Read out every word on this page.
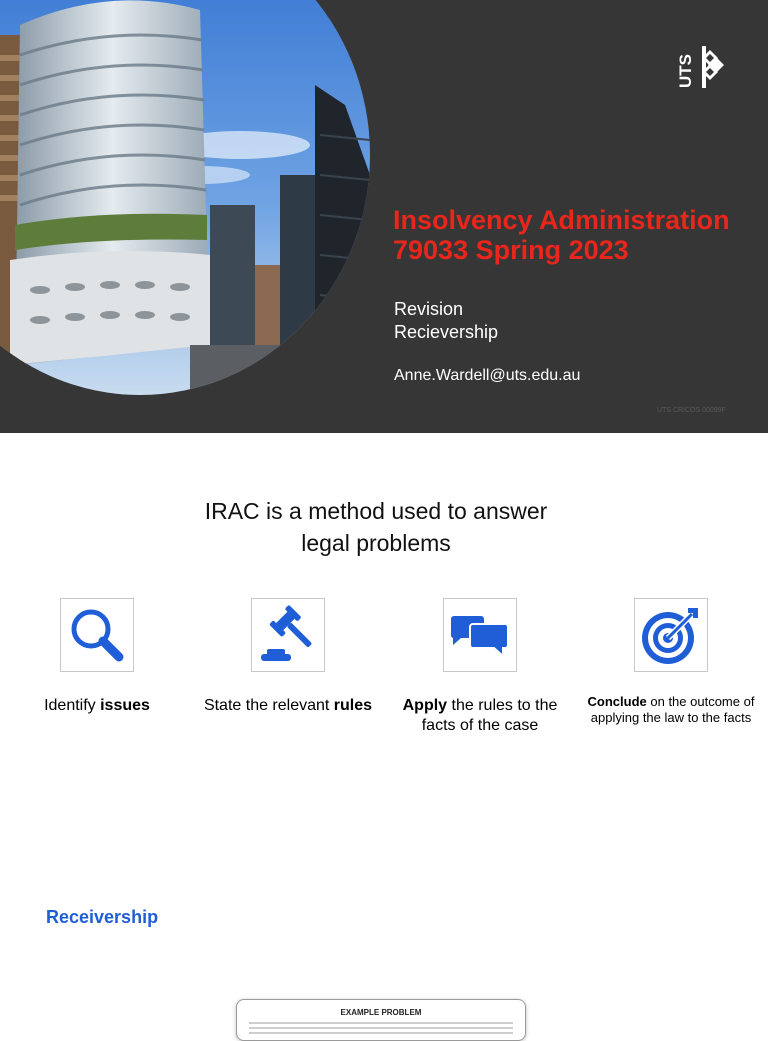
UTS
Insolvency Administration
79033 Spring 2023
Revision
Recievership
Anne.Wardell@uts.edu.au
UTS CRICOS 00099F
IRAC is a method used to answer
legal problems
Identify issues	State the relevant rules	Apply the rules to the facts of the case
Conclude on the outcome of applying the law to the facts
Receivership
EXAMPLE PROBLEM
